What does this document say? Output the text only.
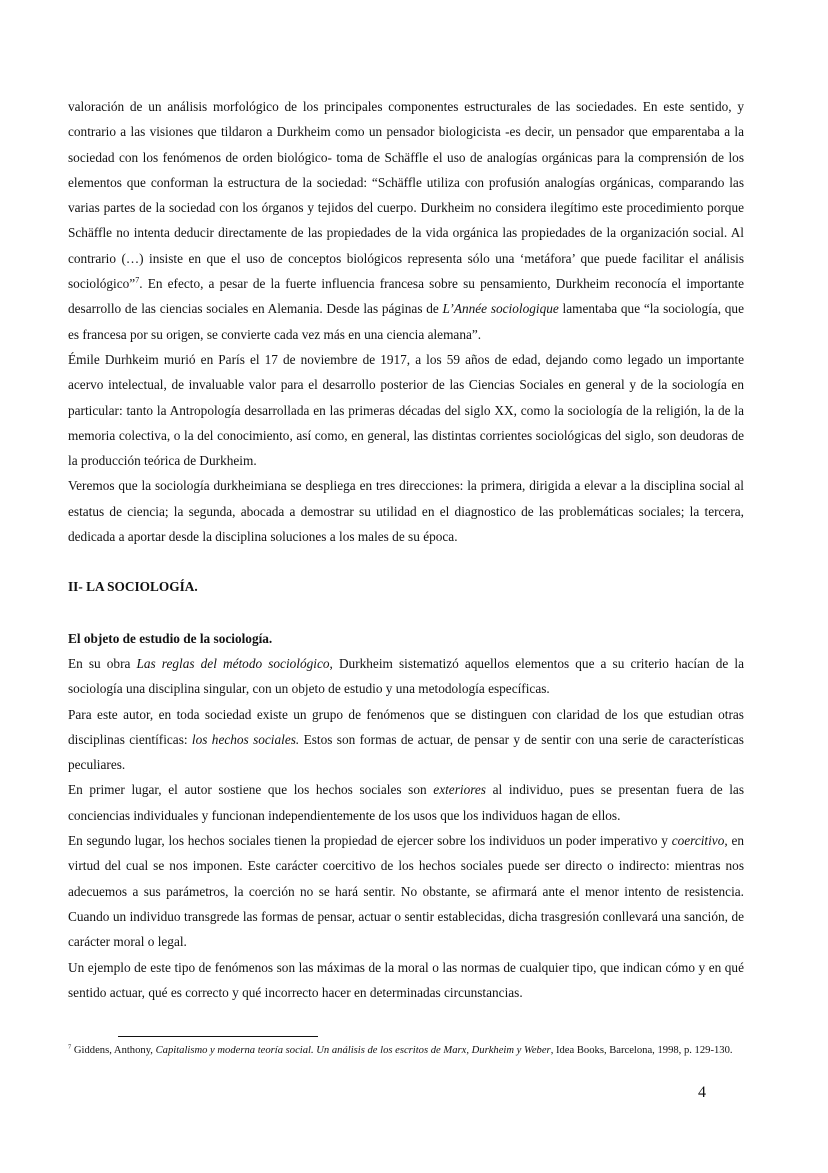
valoración de un análisis morfológico de los principales componentes estructurales de las sociedades. En este sentido, y contrario a las visiones que tildaron a Durkheim como un pensador biologicista -es decir, un pensador que emparentaba a la sociedad con los fenómenos de orden biológico- toma de Schäffle el uso de analogías orgánicas para la comprensión de los elementos que conforman la estructura de la sociedad: “Schäffle utiliza con profusión analogías orgánicas, comparando las varias partes de la sociedad con los órganos y tejidos del cuerpo. Durkheim no considera ilegítimo este procedimiento porque Schäffle no intenta deducir directamente de las propiedades de la vida orgánica las propiedades de la organización social. Al contrario (…) insiste en que el uso de conceptos biológicos representa sólo una ‘metáfora’ que puede facilitar el análisis sociológico”$^7$. En efecto, a pesar de la fuerte influencia francesa sobre su pensamiento, Durkheim reconocía el importante desarrollo de las ciencias sociales en Alemania. Desde las páginas de L’Année sociologique lamentaba que “la sociología, que es francesa por su origen, se convierte cada vez más en una ciencia alemana”.

Émile Durhkeim murió en París el 17 de noviembre de 1917, a los 59 años de edad, dejando como legado un importante acervo intelectual, de invaluable valor para el desarrollo posterior de las Ciencias Sociales en general y de la sociología en particular: tanto la Antropología desarrollada en las primeras décadas del siglo XX, como la sociología de la religión, la de la memoria colectiva, o la del conocimiento, así como, en general, las distintas corrientes sociológicas del siglo, son deudoras de la producción teórica de Durkheim.

Veremos que la sociología durkheimiana se despliega en tres direcciones: la primera, dirigida a elevar a la disciplina social al estatus de ciencia; la segunda, abocada a demostrar su utilidad en el diagnostico de las problemáticas sociales; la tercera, dedicada a aportar desde la disciplina soluciones a los males de su época.

II- LA SOCIOLOGÍA.

El objeto de estudio de la sociología.

En su obra Las reglas del método sociológico, Durkheim sistematizó aquellos elementos que a su criterio hacían de la sociología una disciplina singular, con un objeto de estudio y una metodología específicas.

Para este autor, en toda sociedad existe un grupo de fenómenos que se distinguen con claridad de los que estudian otras disciplinas científicas: los hechos sociales. Estos son formas de actuar, de pensar y de sentir con una serie de características peculiares.

En primer lugar, el autor sostiene que los hechos sociales son exteriores al individuo, pues se presentan fuera de las conciencias individuales y funcionan independientemente de los usos que los individuos hagan de ellos.

En segundo lugar, los hechos sociales tienen la propiedad de ejercer sobre los individuos un poder imperativo y coercitivo, en virtud del cual se nos imponen. Este carácter coercitivo de los hechos sociales puede ser directo o indirecto: mientras nos adecuemos a sus parámetros, la coerción no se hará sentir. No obstante, se afirmará ante el menor intento de resistencia. Cuando un individuo transgrede las formas de pensar, actuar o sentir establecidas, dicha trasgresión conllevará una sanción, de carácter moral o legal.

Un ejemplo de este tipo de fenómenos son las máximas de la moral o las normas de cualquier tipo, que indican cómo y en qué sentido actuar, qué es correcto y qué incorrecto hacer en determinadas circunstancias.

$^7$ Giddens, Anthony, Capitalismo y moderna teoría social. Un análisis de los escritos de Marx, Durkheim y Weber, Idea Books, Barcelona, 1998, p. 129-130.

4
